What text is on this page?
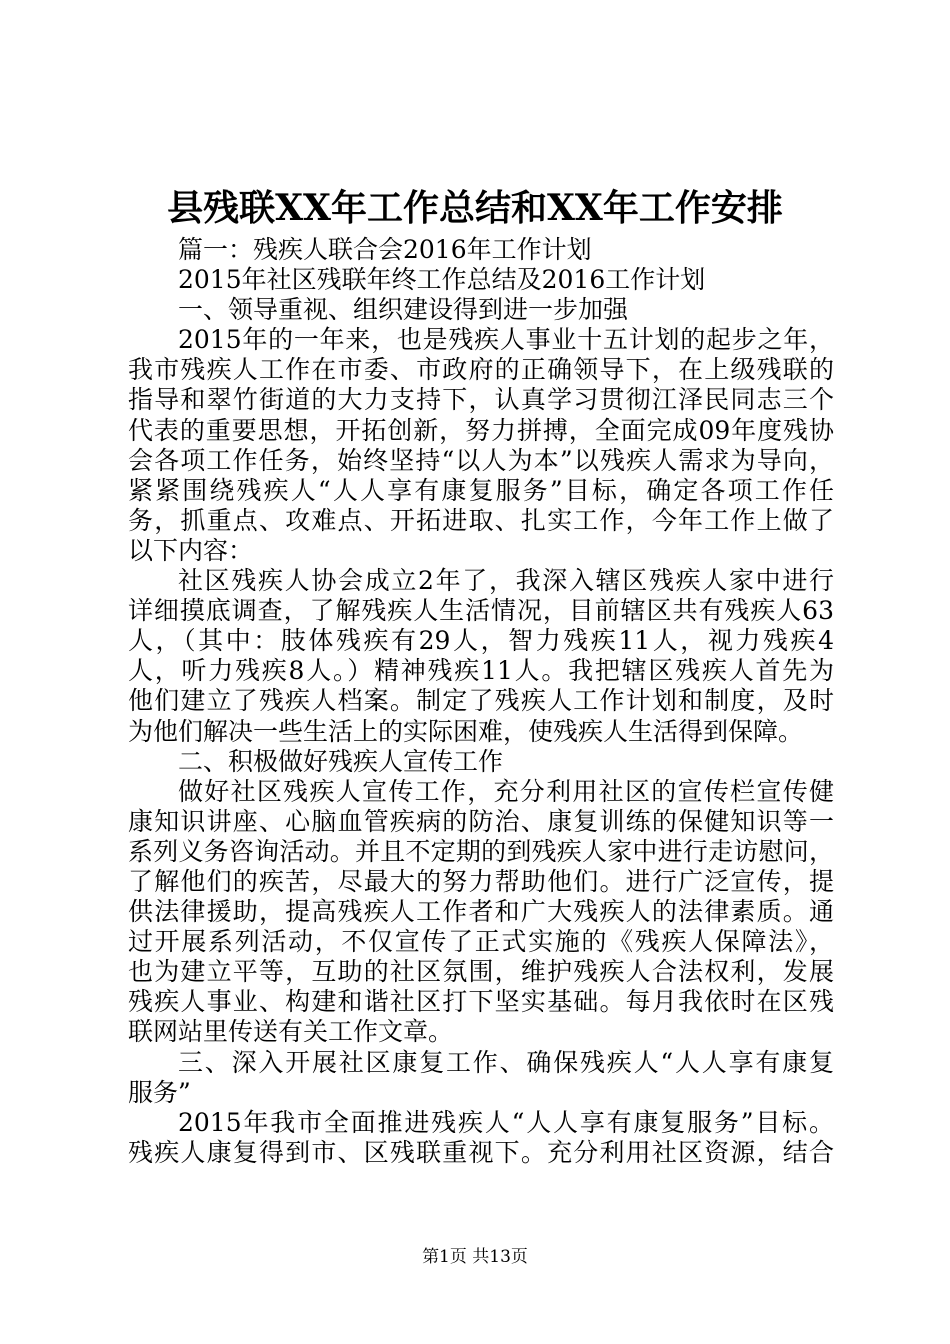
县残联XX年工作总结和XX年工作安排
篇一：残疾人联合会2016年工作计划
2015年社区残联年终工作总结及2016工作计划
一、领导重视、组织建设得到进一步加强
2015年的一年来，也是残疾人事业十五计划的起步之年，
我市残疾人工作在市委、市政府的正确领导下，在上级残联的
指导和翠竹街道的大力支持下，认真学习贯彻江泽民同志三个
代表的重要思想，开拓创新，努力拼搏，全面完成09年度残协
会各项工作任务，始终坚持“以人为本”以残疾人需求为导向，
紧紧围绕残疾人“人人享有康复服务”目标，确定各项工作任
务，抓重点、攻难点、开拓进取、扎实工作，今年工作上做了
以下内容：
社区残疾人协会成立2年了，我深入辖区残疾人家中进行
详细摸底调查，了解残疾人生活情况，目前辖区共有残疾人63
人，（其中：肢体残疾有29人，智力残疾11人，视力残疾4
人，听力残疾8人。）精神残疾11人。我把辖区残疾人首先为
他们建立了残疾人档案。制定了残疾人工作计划和制度，及时
为他们解决一些生活上的实际困难，使残疾人生活得到保障。
二、积极做好残疾人宣传工作
做好社区残疾人宣传工作，充分利用社区的宣传栏宣传健
康知识讲座、心脑血管疾病的防治、康复训练的保健知识等一
系列义务咨询活动。并且不定期的到残疾人家中进行走访慰问，
了解他们的疾苦，尽最大的努力帮助他们。进行广泛宣传，提
供法律援助，提高残疾人工作者和广大残疾人的法律素质。通
过开展系列活动，不仅宣传了正式实施的《残疾人保障法》，
也为建立平等，互助的社区氛围，维护残疾人合法权利，发展
残疾人事业、构建和谐社区打下坚实基础。每月我依时在区残
联网站里传送有关工作文章。
三、深入开展社区康复工作、确保残疾人“人人享有康复
服务”
2015年我市全面推进残疾人“人人享有康复服务”目标。
残疾人康复得到市、区残联重视下。充分利用社区资源，结合
第1页 共13页
